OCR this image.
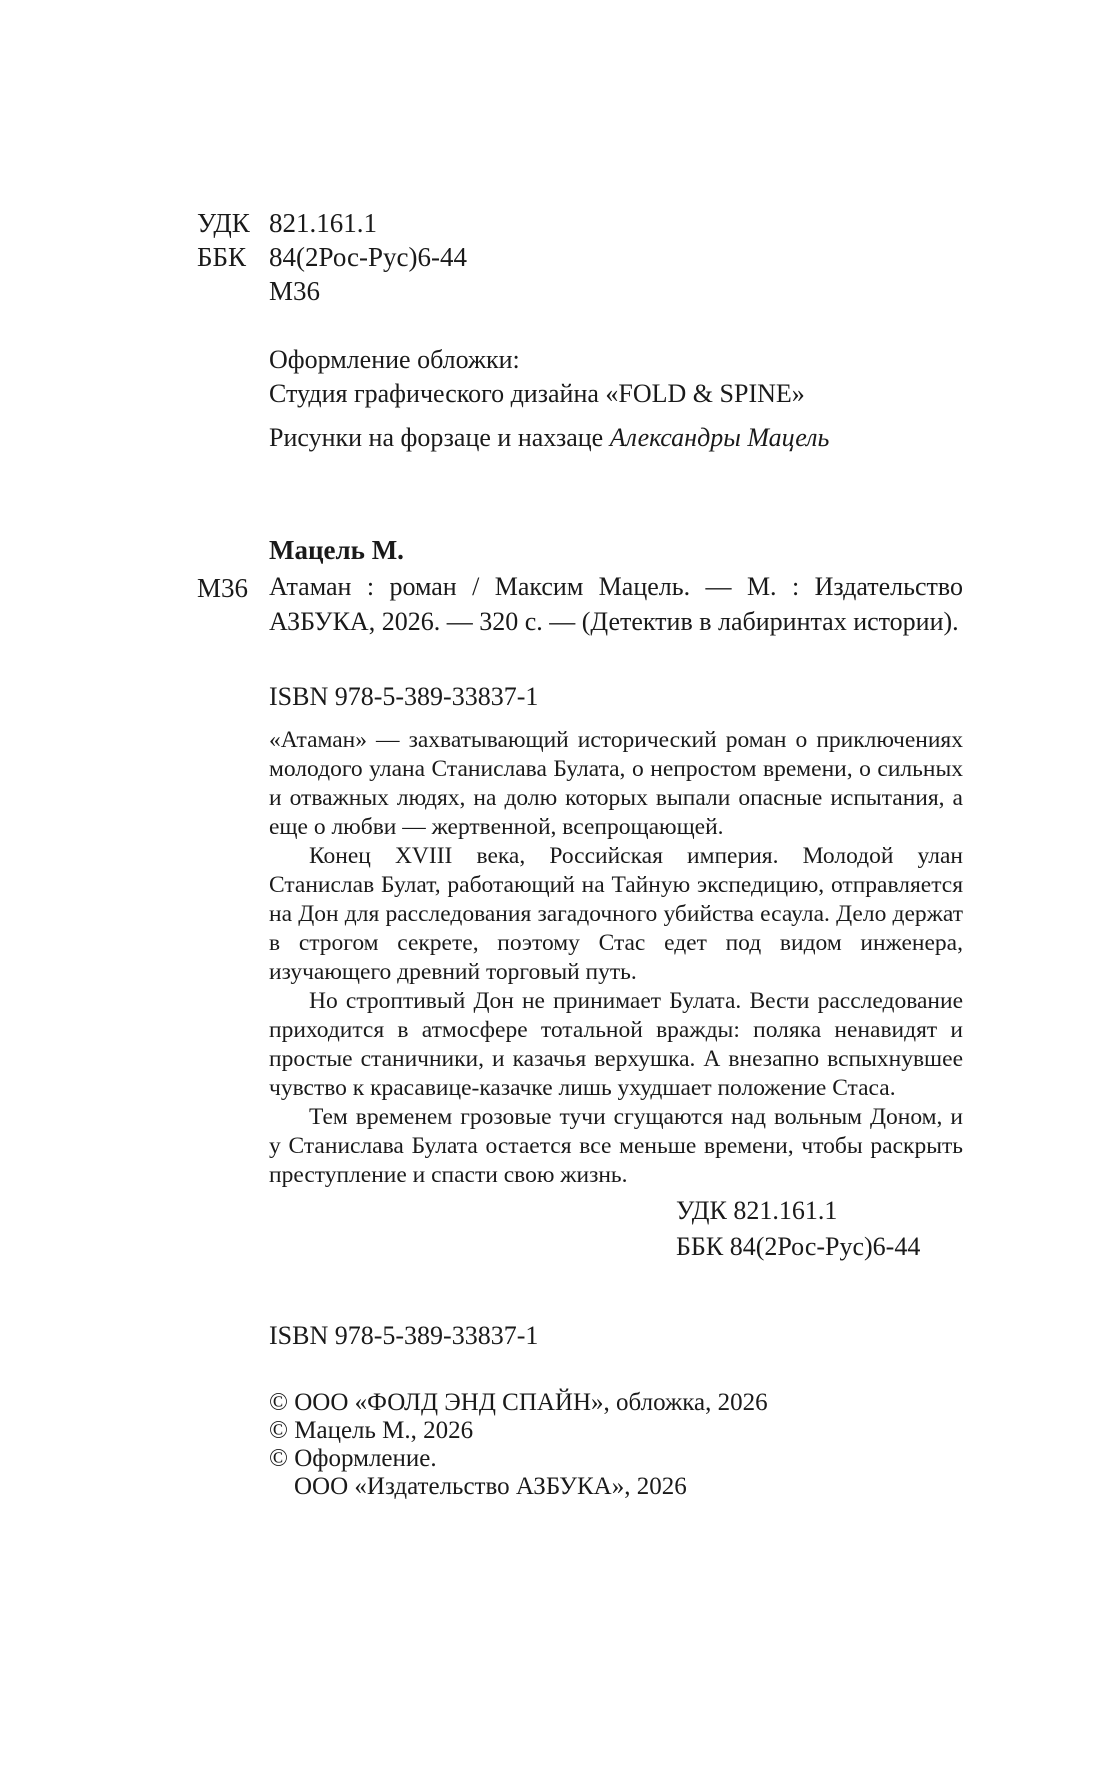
УДК 821.161.1
ББК 84(2Рос-Рус)6-44
М36

Оформление обложки:

Студия графического дизайна «FOLD & SPINE»

Рисунки на форзаце и нахзаце Александры Мацель

Мацель М.
М36 Атаман : роман / Максим Мацель. — М. : Издательство АЗБУКА, 2026. — 320 с. — (Детектив в лабиринтах истории).

ISBN 978-5-389-33837-1

«Атаман» — захватывающий исторический роман о приключениях молодого улана Станислава Булата, о непростом времени, о сильных и отважных людях, на долю которых выпали опасные испытания, а еще о любви — жертвенной, всепрощающей.

Конец XVIII века, Российская империя. Молодой улан Станислав Булат, работающий на Тайную экспедицию, отправляется на Дон для расследования загадочного убийства есаула. Дело держат в строгом секрете, поэтому Стас едет под видом инженера, изучающего древний торговый путь.

Но строптивый Дон не принимает Булата. Вести расследование приходится в атмосфере тотальной вражды: поляка ненавидят и простые станичники, и казачья верхушка. А внезапно вспыхнувшее чувство к красавице-казачке лишь ухудшает положение Стаса.

Тем временем грозовые тучи сгущаются над вольным Доном, и у Станислава Булата остается все меньше времени, чтобы раскрыть преступление и спасти свою жизнь.

УДК 821.161.1
ББК 84(2Рос-Рус)6-44
ISBN 978-5-389-33837-1

© ООО «ФОЛД ЭНД СПАЙН», обложка, 2026

© Мацель М., 2026

© Оформление.

ООО «Издательство АЗБУКА», 2026
